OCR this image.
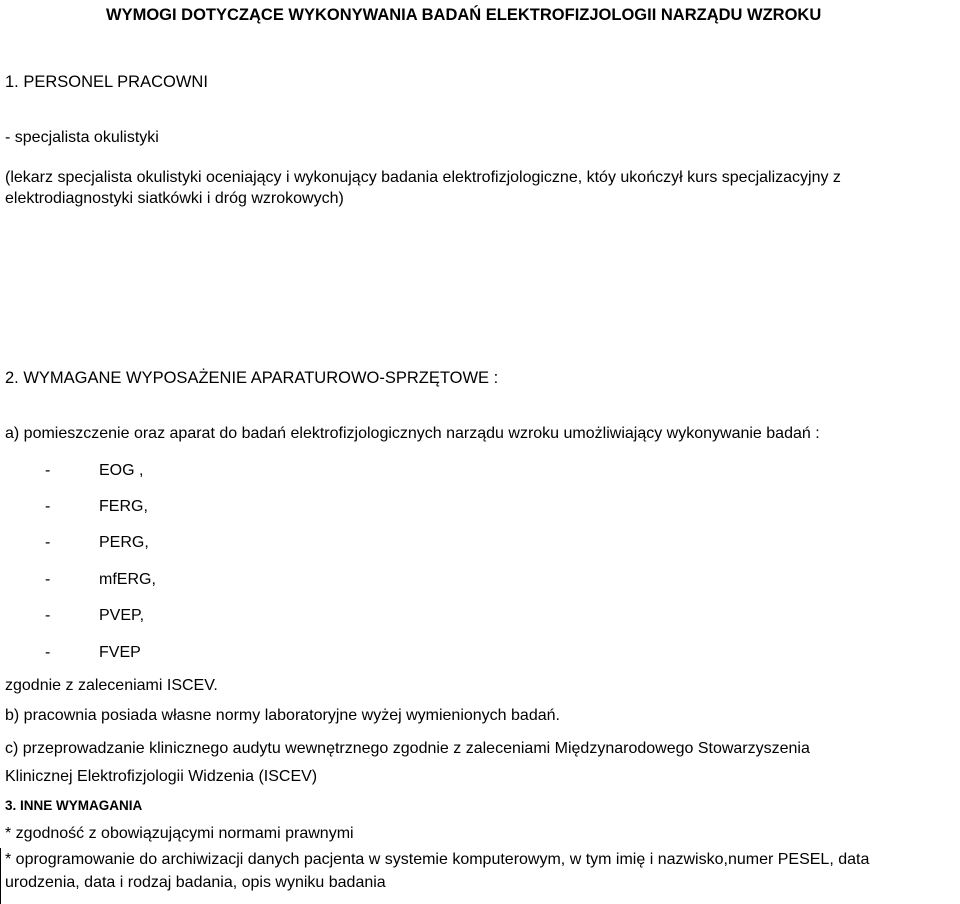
WYMOGI DOTYCZĄCE WYKONYWANIA BADAŃ ELEKTROFIZJOLOGII NARZĄDU WZROKU
1. PERSONEL PRACOWNI
- specjalista okulistyki
(lekarz specjalista okulistyki oceniający i wykonujący badania elektrofizjologiczne, któy ukończył kurs specjalizacyjny z
elektrodiagnostyki siatkówki i dróg wzrokowych)
2. WYMAGANE WYPOSAŻENIE APARATUROWO-SPRZĘTOWE :
a) pomieszczenie oraz aparat do badań elektrofizjologicznych narządu wzroku umożliwiający wykonywanie badań :
-	EOG ,
-	FERG,
-	PERG,
-	mfERG,
-	PVEP,
-	FVEP
zgodnie z zaleceniami ISCEV.
b) pracownia posiada własne normy laboratoryjne wyżej wymienionych badań.
c) przeprowadzanie klinicznego audytu wewnętrznego zgodnie z zaleceniami Międzynarodowego Stowarzyszenia
Klinicznej Elektrofizjologii Widzenia (ISCEV)
3. INNE WYMAGANIA
* zgodność z obowiązującymi normami prawnymi
* oprogramowanie do archiwizacji danych pacjenta w systemie komputerowym, w tym imię i nazwisko,numer PESEL, data
urodzenia, data i rodzaj badania, opis wyniku badania
